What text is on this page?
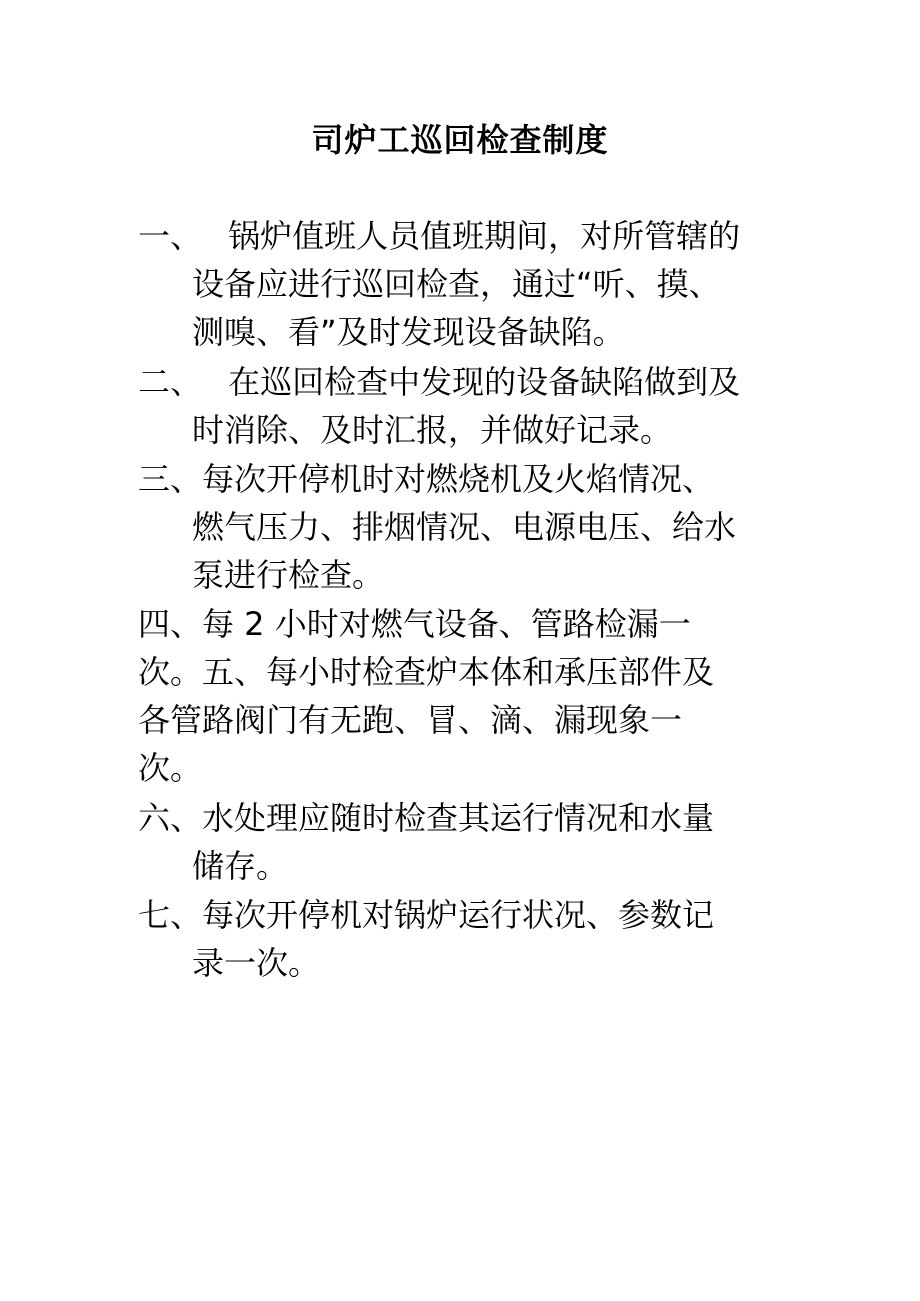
司炉工巡回检查制度
一、　 锅炉值班人员值班期间，对所管辖的
设备应进行巡回检查，通过“听、摸、
测嗅、看”及时发现设备缺陷。
二、　 在巡回检查中发现的设备缺陷做到及
时消除、及时汇报，并做好记录。
三、每次开停机时对燃烧机及火焰情况、
燃气压力、排烟情况、电源电压、给水
泵进行检查。
四、每 2 小时对燃气设备、管路检漏一
次。五、每小时检查炉本体和承压部件及
各管路阀门有无跑、冒、滴、漏现象一
次。
六、水处理应随时检查其运行情况和水量
储存。
七、每次开停机对锅炉运行状况、参数记
录一次。
